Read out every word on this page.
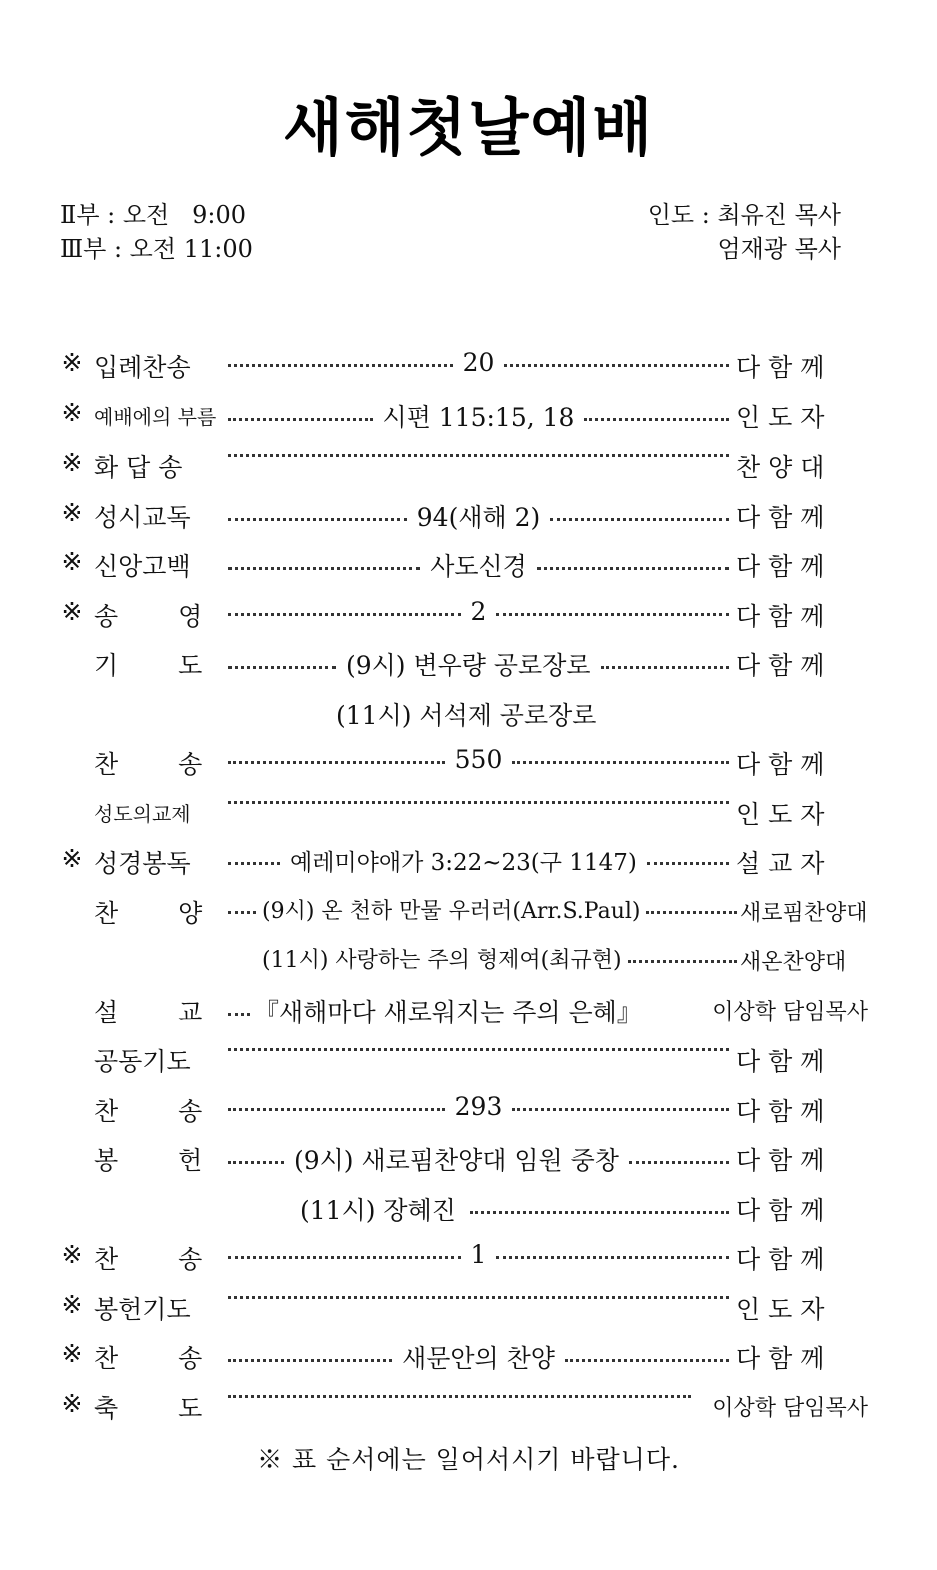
새해첫날예배
Ⅱ부 : 오전 9:00
Ⅲ부 : 오전 11:00
인도 : 최유진 목사
엄재광 목사
※ 입례찬송	20	다 함 께
※ 예배에의 부름	시편 115:15, 18	인 도 자
※ 화 답 송	찬 양 대
※ 성시교독	94(새해 2)	다 함 께
※ 신앙고백	사도신경	다 함 께
※ 송 영	2	다 함 께
기 도	(9시) 변우량 공로장로	다 함 께
(11시) 서석제 공로장로
찬 송	550	다 함 께
성도의교제	인 도 자
※ 성경봉독	예레미야애가 3:22~23(구 1147)	설 교 자
찬 양	(9시) 온 천하 만물 우러러(Arr.S.Paul)	새로핌찬양대
(11시) 사랑하는 주의 형제여(최규현)	새온찬양대
설 교 『새해마다 새로워지는 주의 은혜』	이상학 담임목사
공동기도	다 함 께
찬 송	293	다 함 께
봉 헌	(9시) 새로핌찬양대 임원 중창	다 함 께
(11시) 장혜진	다 함 께
※ 찬 송	1	다 함 께
※ 봉헌기도	인 도 자
※ 찬 송	새문안의 찬양	다 함 께
※ 축 도	이상학 담임목사
※ 표 순서에는 일어서시기 바랍니다.
